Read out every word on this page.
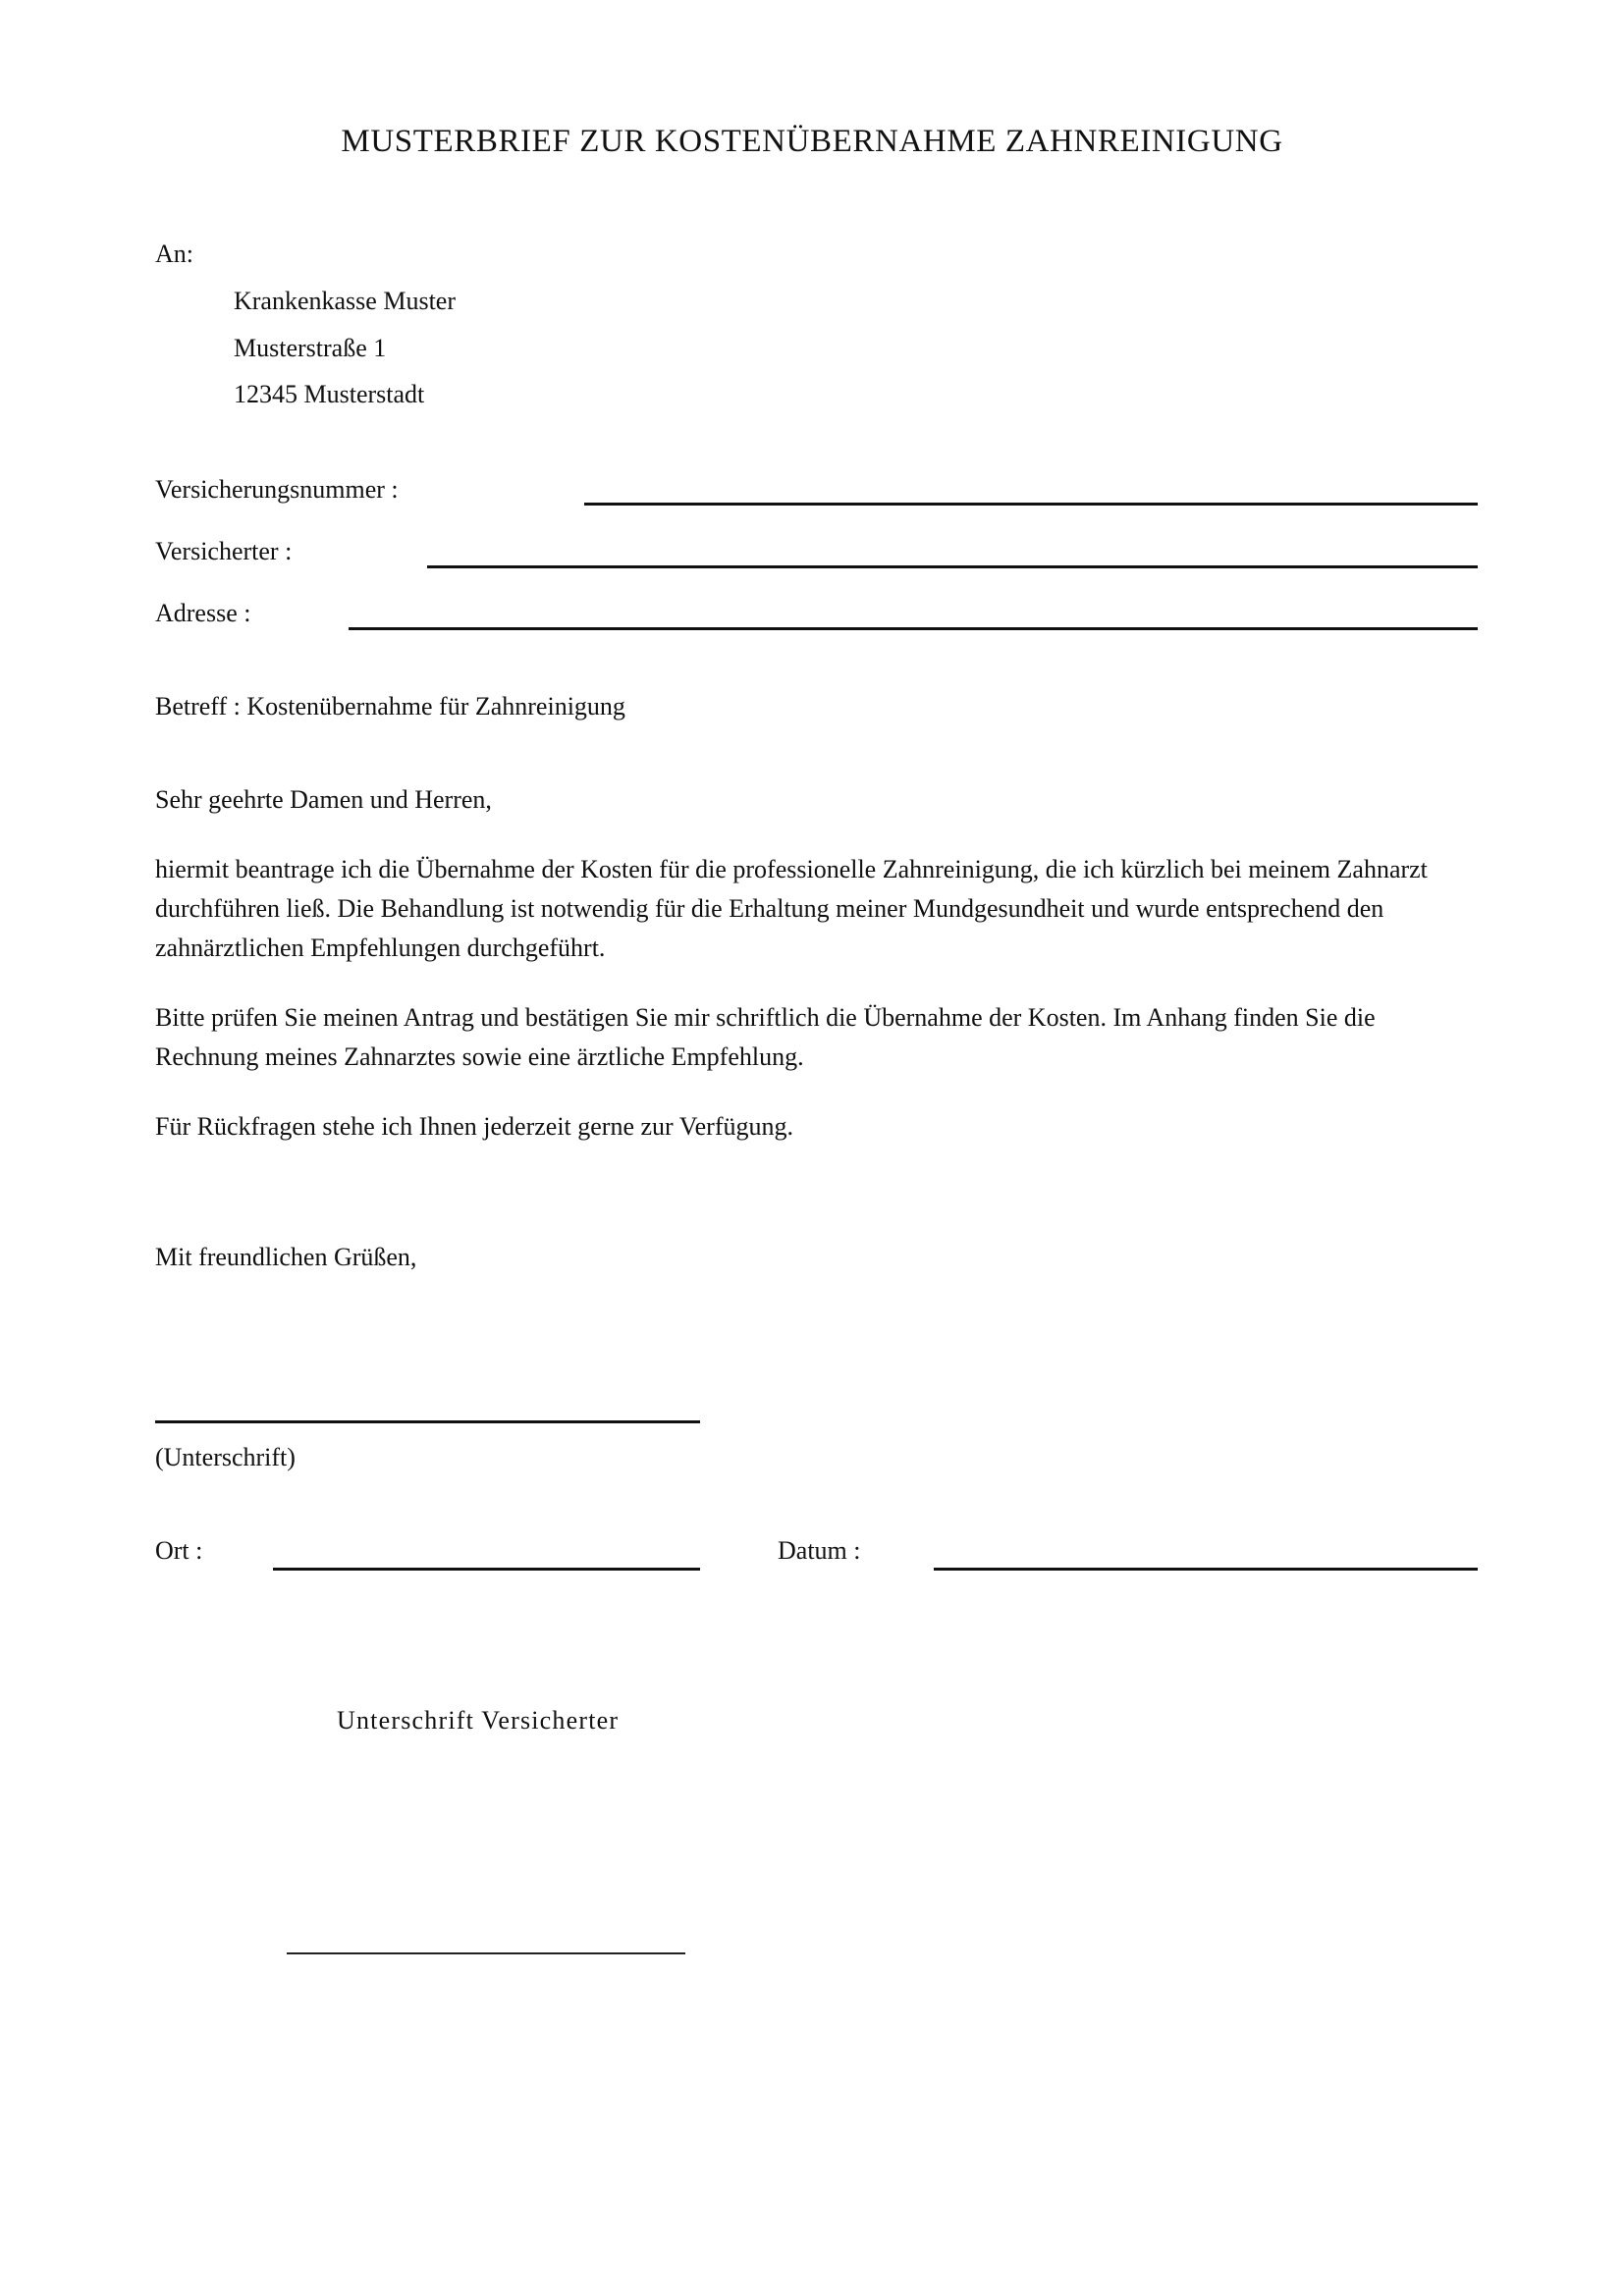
MUSTERBRIEF ZUR KOSTENÜBERNAHME ZAHNREINIGUNG
An:
Krankenkasse Muster
Musterstraße 1
12345 Musterstadt
Versicherungsnummer :
Versicherter :
Adresse :
Betreff : Kostenübernahme für Zahnreinigung
Sehr geehrte Damen und Herren,

hiermit beantrage ich die Übernahme der Kosten für die professionelle Zahnreinigung, die ich kürzlich bei meinem Zahnarzt durchführen ließ. Die Behandlung ist notwendig für die Erhaltung meiner Mundgesundheit und wurde entsprechend den zahnärztlichen Empfehlungen durchgeführt.

Bitte prüfen Sie meinen Antrag und bestätigen Sie mir schriftlich die Übernahme der Kosten. Im Anhang finden Sie die Rechnung meines Zahnarztes sowie eine ärztliche Empfehlung.

Für Rückfragen stehe ich Ihnen jederzeit gerne zur Verfügung.

Mit freundlichen Grüßen,
(Unterschrift)
Ort :	Datum :
Unterschrift Versicherter
